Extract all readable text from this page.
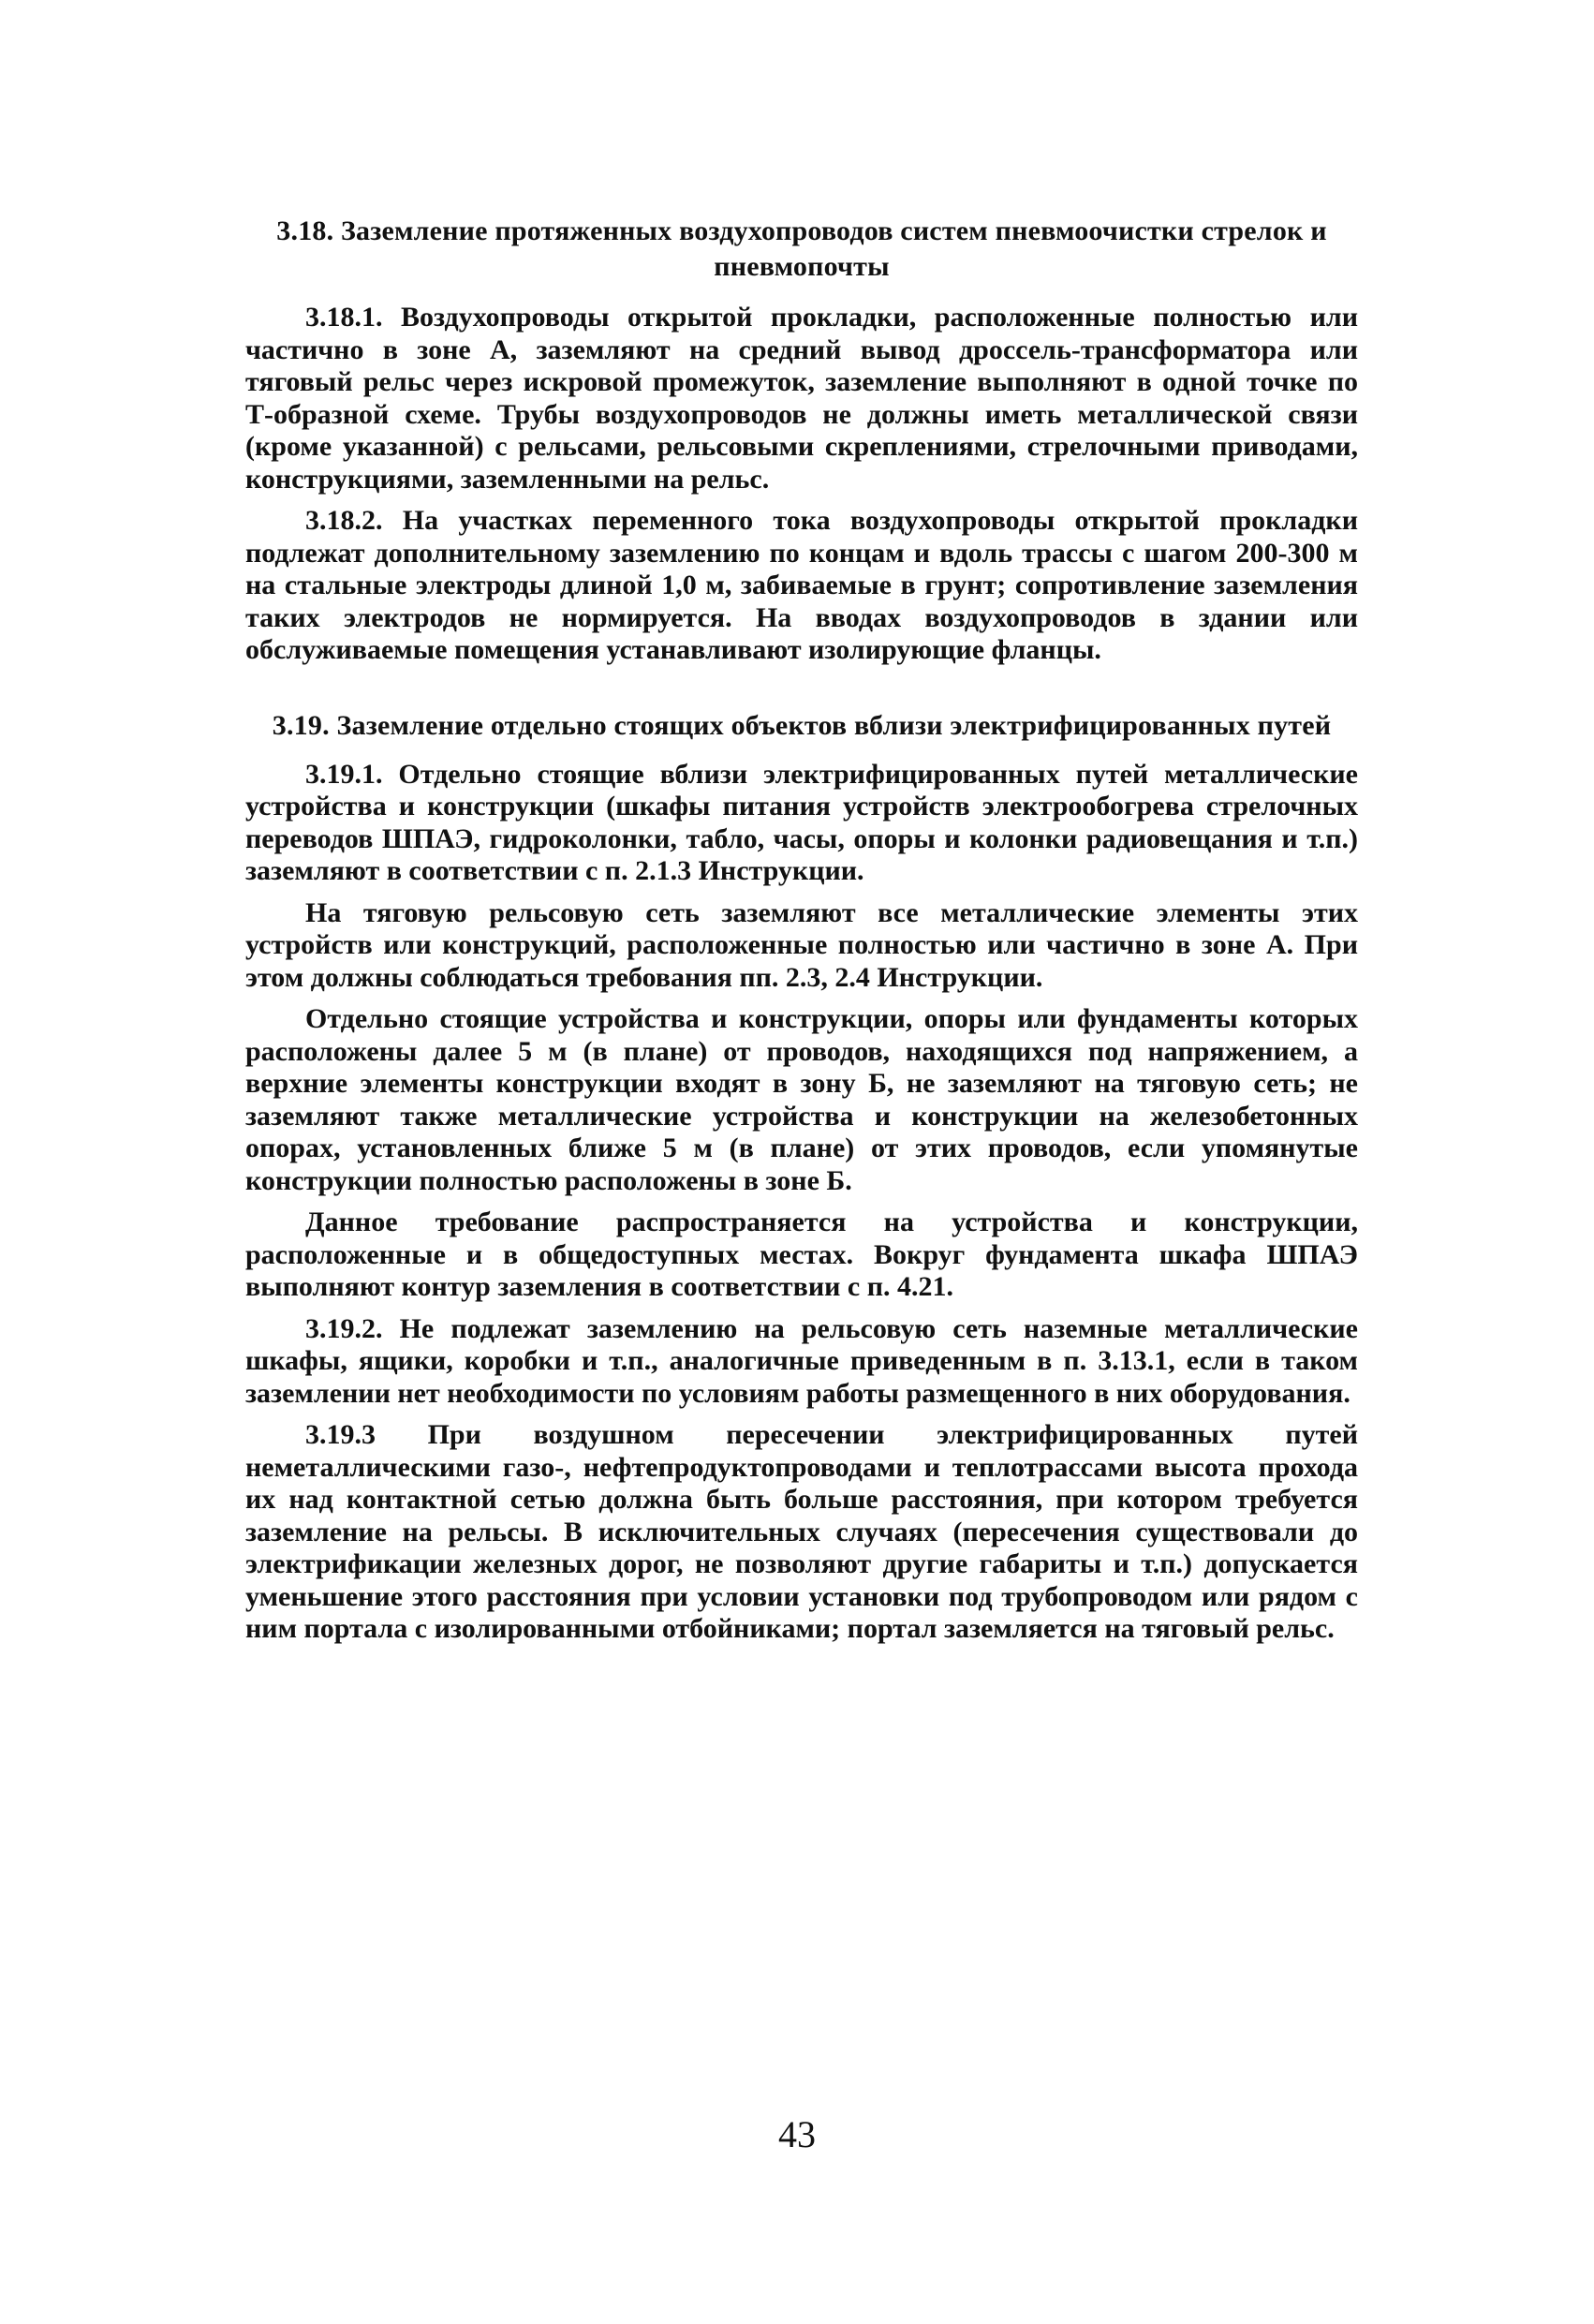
3.18. Заземление протяженных воздухопроводов систем пневмоочистки стрелок и пневмопочты

3.18.1. Воздухопроводы открытой прокладки, расположенные полностью или частично в зоне А, заземляют на средний вывод дроссель-трансформатора или тяговый рельс через искровой промежуток, заземление выполняют в одной точке по Т-образной схеме. Трубы воздухопроводов не должны иметь металлической связи (кроме указанной) с рельсами, рельсовыми скреплениями, стрелочными приводами, конструкциями, заземленными на рельс.

3.18.2. На участках переменного тока воздухопроводы открытой прокладки подлежат дополнительному заземлению по концам и вдоль трассы с шагом 200-300 м на стальные электроды длиной 1,0 м, забиваемые в грунт; сопротивление заземления таких электродов не нормируется. На вводах воздухопроводов в здании или обслуживаемые помещения устанавливают изолирующие фланцы.

3.19. Заземление отдельно стоящих объектов вблизи электрифицированных путей

3.19.1. Отдельно стоящие вблизи электрифицированных путей металлические устройства и конструкции (шкафы питания устройств электрообогрева стрелочных переводов ШПАЭ, гидроколонки, табло, часы, опоры и колонки радиовещания и т.п.) заземляют в соответствии с п. 2.1.3 Инструкции.

На тяговую рельсовую сеть заземляют все металлические элементы этих устройств или конструкций, расположенные полностью или частично в зоне А. При этом должны соблюдаться требования пп. 2.3, 2.4 Инструкции.

Отдельно стоящие устройства и конструкции, опоры или фундаменты которых расположены далее 5 м (в плане) от проводов, находящихся под напряжением, а верхние элементы конструкции входят в зону Б, не заземляют на тяговую сеть; не заземляют также металлические устройства и конструкции на железобетонных опорах, установленных ближе 5 м (в плане) от этих проводов, если упомянутые конструкции полностью расположены в зоне Б.

Данное требование распространяется на устройства и конструкции, расположенные и в общедоступных местах. Вокруг фундамента шкафа ШПАЭ выполняют контур заземления в соответствии с п. 4.21.

3.19.2. Не подлежат заземлению на рельсовую сеть наземные металлические шкафы, ящики, коробки и т.п., аналогичные приведенным в п. 3.13.1, если в таком заземлении нет необходимости по условиям работы размещенного в них оборудования.

3.19.3 При воздушном пересечении электрифицированных путей неметаллическими газо-, нефтепродуктопроводами и теплотрассами высота прохода их над контактной сетью должна быть больше расстояния, при котором требуется заземление на рельсы. В исключительных случаях (пересечения существовали до электрификации железных дорог, не позволяют другие габариты и т.п.) допускается уменьшение этого расстояния при условии установки под трубопроводом или рядом с ним портала с изолированными отбойниками; портал заземляется на тяговый рельс.

43
